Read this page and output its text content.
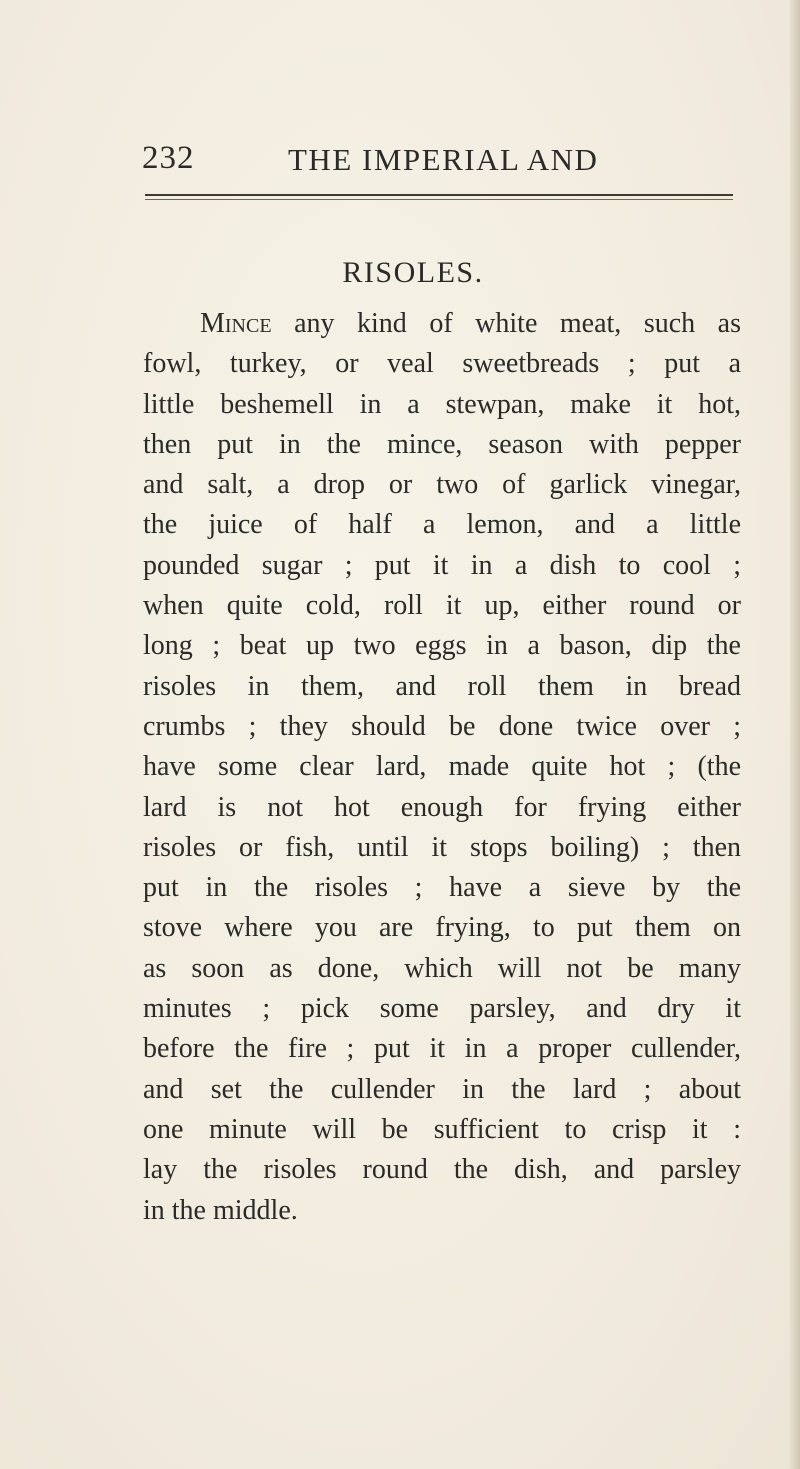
232	THE IMPERIAL AND
RISOLES.
Mince any kind of white meat, such as
fowl, turkey, or veal sweetbreads ; put a
little beshemell in a stewpan, make it hot,
then put in the mince, season with pepper
and salt, a drop or two of garlick vinegar,
the juice of half a lemon, and a little
pounded sugar ; put it in a dish to cool ;
when quite cold, roll it up, either round or
long ; beat up two eggs in a bason, dip the
risoles in them, and roll them in bread
crumbs ; they should be done twice over ;
have some clear lard, made quite hot ; (the
lard is not hot enough for frying either
risoles or fish, until it stops boiling) ; then
put in the risoles ; have a sieve by the
stove where you are frying, to put them on
as soon as done, which will not be many
minutes ; pick some parsley, and dry it
before the fire ; put it in a proper cullender,
and set the cullender in the lard ; about
one minute will be sufficient to crisp it :
lay the risoles round the dish, and parsley
in the middle.
